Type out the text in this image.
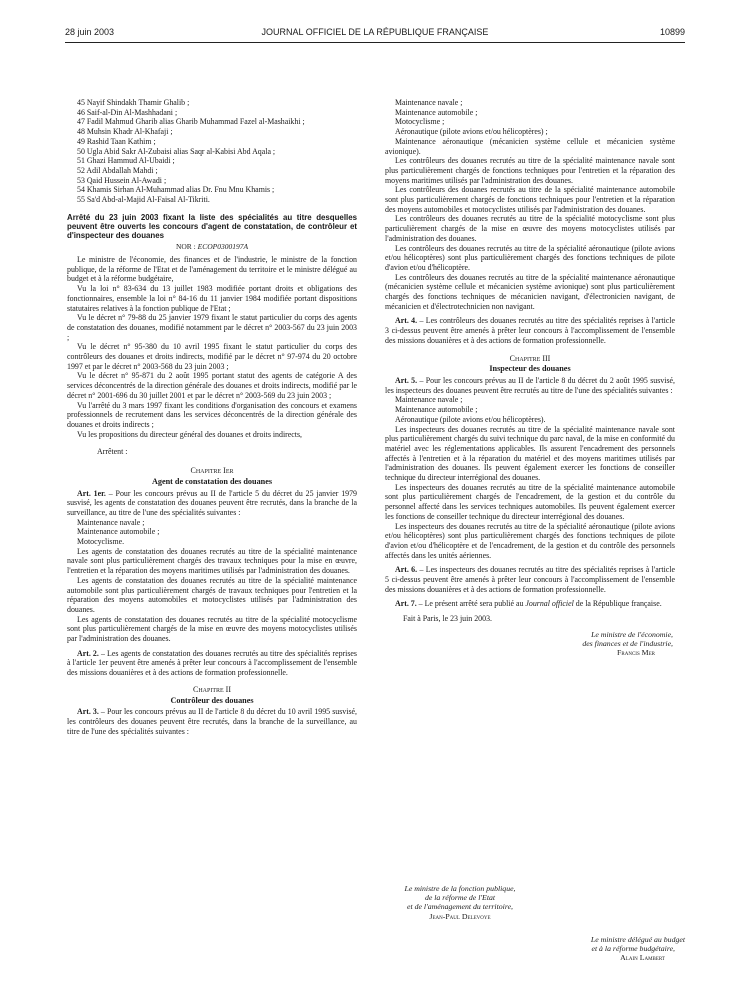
28 juin 2003	JOURNAL OFFICIEL DE LA RÉPUBLIQUE FRANÇAISE	10899

45 Nayif Shindakh Thamir Ghalib ;

46 Saif-al-Din Al-Mashhadani ;

47 Fadil Mahmud Gharib alias Gharib Muhammad Fazel al-Mashaikhi ;

48 Muhsin Khadr Al-Khafaji ;

49 Rashid Taan Kathim ;

50 Ugla Abid Sakr Al-Zubaisi alias Saqr al-Kabisi Abd Aqala ;

51 Ghazi Hammud Al-Ubaidi ;

52 Adil Abdallah Mahdi ;

53 Qaid Hussein Al-Awadi ;

54 Khamis Sirhan Al-Muhammad alias Dr. Fnu Mnu Khamis ;

55 Sa'd Abd-al-Majid Al-Faisal Al-Tikriti.

Arrêté du 23 juin 2003 fixant la liste des spécialités au titre desquelles peuvent être ouverts les concours d'agent de constatation, de contrôleur et d'inspecteur des douanes
NOR : ECOP0300197A

Le ministre de l'économie, des finances et de l'industrie, le ministre de la fonction publique, de la réforme de l'Etat et de l'aménagement du territoire et le ministre délégué au budget et à la réforme budgétaire,

Vu la loi n° 83-634 du 13 juillet 1983 modifiée portant droits et obligations des fonctionnaires, ensemble la loi n° 84-16 du 11 janvier 1984 modifiée portant dispositions statutaires relatives à la fonction publique de l'Etat ;

Vu le décret n° 79-88 du 25 janvier 1979 fixant le statut particulier du corps des agents de constatation des douanes, modifié notamment par le décret n° 2003-567 du 23 juin 2003 ;

Vu le décret n° 95-380 du 10 avril 1995 fixant le statut particulier du corps des contrôleurs des douanes et droits indirects, modifié par le décret n° 97-974 du 20 octobre 1997 et par le décret n° 2003-568 du 23 juin 2003 ;

Vu le décret n° 95-871 du 2 août 1995 portant statut des agents de catégorie A des services déconcentrés de la direction générale des douanes et droits indirects, modifié par le décret n° 2001-696 du 30 juillet 2001 et par le décret n° 2003-569 du 23 juin 2003 ;

Vu l'arrêté du 3 mars 1997 fixant les conditions d'organisation des concours et examens professionnels de recrutement dans les services déconcentrés de la direction générale des douanes et droits indirects ;

Vu les propositions du directeur général des douanes et droits indirects,

Arrêtent :

Chapitre Ier
Agent de constatation des douanes

Art. 1er. – Pour les concours prévus au II de l'article 5 du décret du 25 janvier 1979 susvisé, les agents de constatation des douanes peuvent être recrutés, dans la branche de la surveillance, au titre de l'une des spécialités suivantes :

Maintenance navale ;

Maintenance automobile ;

Motocyclisme.

Les agents de constatation des douanes recrutés au titre de la spécialité maintenance navale sont plus particulièrement chargés des travaux techniques pour la mise en œuvre, l'entretien et la réparation des moyens maritimes utilisés par l'administration des douanes.

Les agents de constatation des douanes recrutés au titre de la spécialité maintenance automobile sont plus particulièrement chargés de travaux techniques pour l'entretien et la réparation des moyens automobiles et motocyclistes utilisés par l'administration des douanes.

Les agents de constatation des douanes recrutés au titre de la spécialité motocyclisme sont plus particulièrement chargés de la mise en œuvre des moyens motocyclistes utilisés par l'administration des douanes.

Art. 2. – Les agents de constatation des douanes recrutés au titre des spécialités reprises à l'article 1er peuvent être amenés à prêter leur concours à l'accomplissement de l'ensemble des missions douanières et à des actions de formation professionnelle.

Chapitre II
Contrôleur des douanes

Art. 3. – Pour les concours prévus au II de l'article 8 du décret du 10 avril 1995 susvisé, les contrôleurs des douanes peuvent être recrutés, dans la branche de la surveillance, au titre de l'une des spécialités suivantes :

Maintenance navale ;

Maintenance automobile ;

Motocyclisme ;

Aéronautique (pilote avions et/ou hélicoptères) ;

Maintenance aéronautique (mécanicien système cellule et mécanicien système avionique).

Les contrôleurs des douanes recrutés au titre de la spécialité maintenance navale sont plus particulièrement chargés de fonctions techniques pour l'entretien et la réparation des moyens maritimes utilisés par l'administration des douanes.

Les contrôleurs des douanes recrutés au titre de la spécialité maintenance automobile sont plus particulièrement chargés de fonctions techniques pour l'entretien et la réparation des moyens automobiles et motocyclistes utilisés par l'administration des douanes.

Les contrôleurs des douanes recrutés au titre de la spécialité motocyclisme sont plus particulièrement chargés de la mise en œuvre des moyens motocyclistes utilisés par l'administration des douanes.

Les contrôleurs des douanes recrutés au titre de la spécialité aéronautique (pilote avions et/ou hélicoptères) sont plus particulièrement chargés des fonctions techniques de pilote d'avion et/ou d'hélicoptère.

Les contrôleurs des douanes recrutés au titre de la spécialité maintenance aéronautique (mécanicien système cellule et mécanicien système avionique) sont plus particulièrement chargés des fonctions techniques de mécanicien navigant, d'électronicien navigant, de mécanicien et d'électrotechnicien non navigant.

Art. 4. – Les contrôleurs des douanes recrutés au titre des spécialités reprises à l'article 3 ci-dessus peuvent être amenés à prêter leur concours à l'accomplissement de l'ensemble des missions douanières et à des actions de formation professionnelle.

Chapitre III
Inspecteur des douanes

Art. 5. – Pour les concours prévus au II de l'article 8 du décret du 2 août 1995 susvisé, les inspecteurs des douanes peuvent être recrutés au titre de l'une des spécialités suivantes :

Maintenance navale ;

Maintenance automobile ;

Aéronautique (pilote avions et/ou hélicoptères).

Les inspecteurs des douanes recrutés au titre de la spécialité maintenance navale sont plus particulièrement chargés du suivi technique du parc naval, de la mise en conformité du matériel avec les réglementations applicables. Ils assurent l'encadrement des personnels affectés à l'entretien et à la réparation du matériel et des moyens maritimes utilisés par l'administration des douanes. Ils peuvent également exercer les fonctions de conseiller technique du directeur interrégional des douanes.

Les inspecteurs des douanes recrutés au titre de la spécialité maintenance automobile sont plus particulièrement chargés de l'encadrement, de la gestion et du contrôle du personnel affecté dans les services techniques automobiles. Ils peuvent également exercer les fonctions de conseiller technique du directeur interrégional des douanes.

Les inspecteurs des douanes recrutés au titre de la spécialité aéronautique (pilote avions et/ou hélicoptères) sont plus particulièrement chargés des fonctions techniques de pilote d'avion et/ou d'hélicoptère et de l'encadrement, de la gestion et du contrôle des personnels affectés dans les unités aériennes.

Art. 6. – Les inspecteurs des douanes recrutés au titre des spécialités reprises à l'article 5 ci-dessus peuvent être amenés à prêter leur concours à l'accomplissement de l'ensemble des missions douanières et à des actions de formation professionnelle.

Art. 7. – Le présent arrêté sera publié au Journal officiel de la République française.

Fait à Paris, le 23 juin 2003.

Le ministre de l'économie,
des finances et de l'industrie,
Francis Mer
Le ministre de la fonction publique,
de la réforme de l'Etat
et de l'aménagement du territoire,
Jean-Paul Delevoye
Le ministre délégué au budget
et à la réforme budgétaire,
Alain Lambert
